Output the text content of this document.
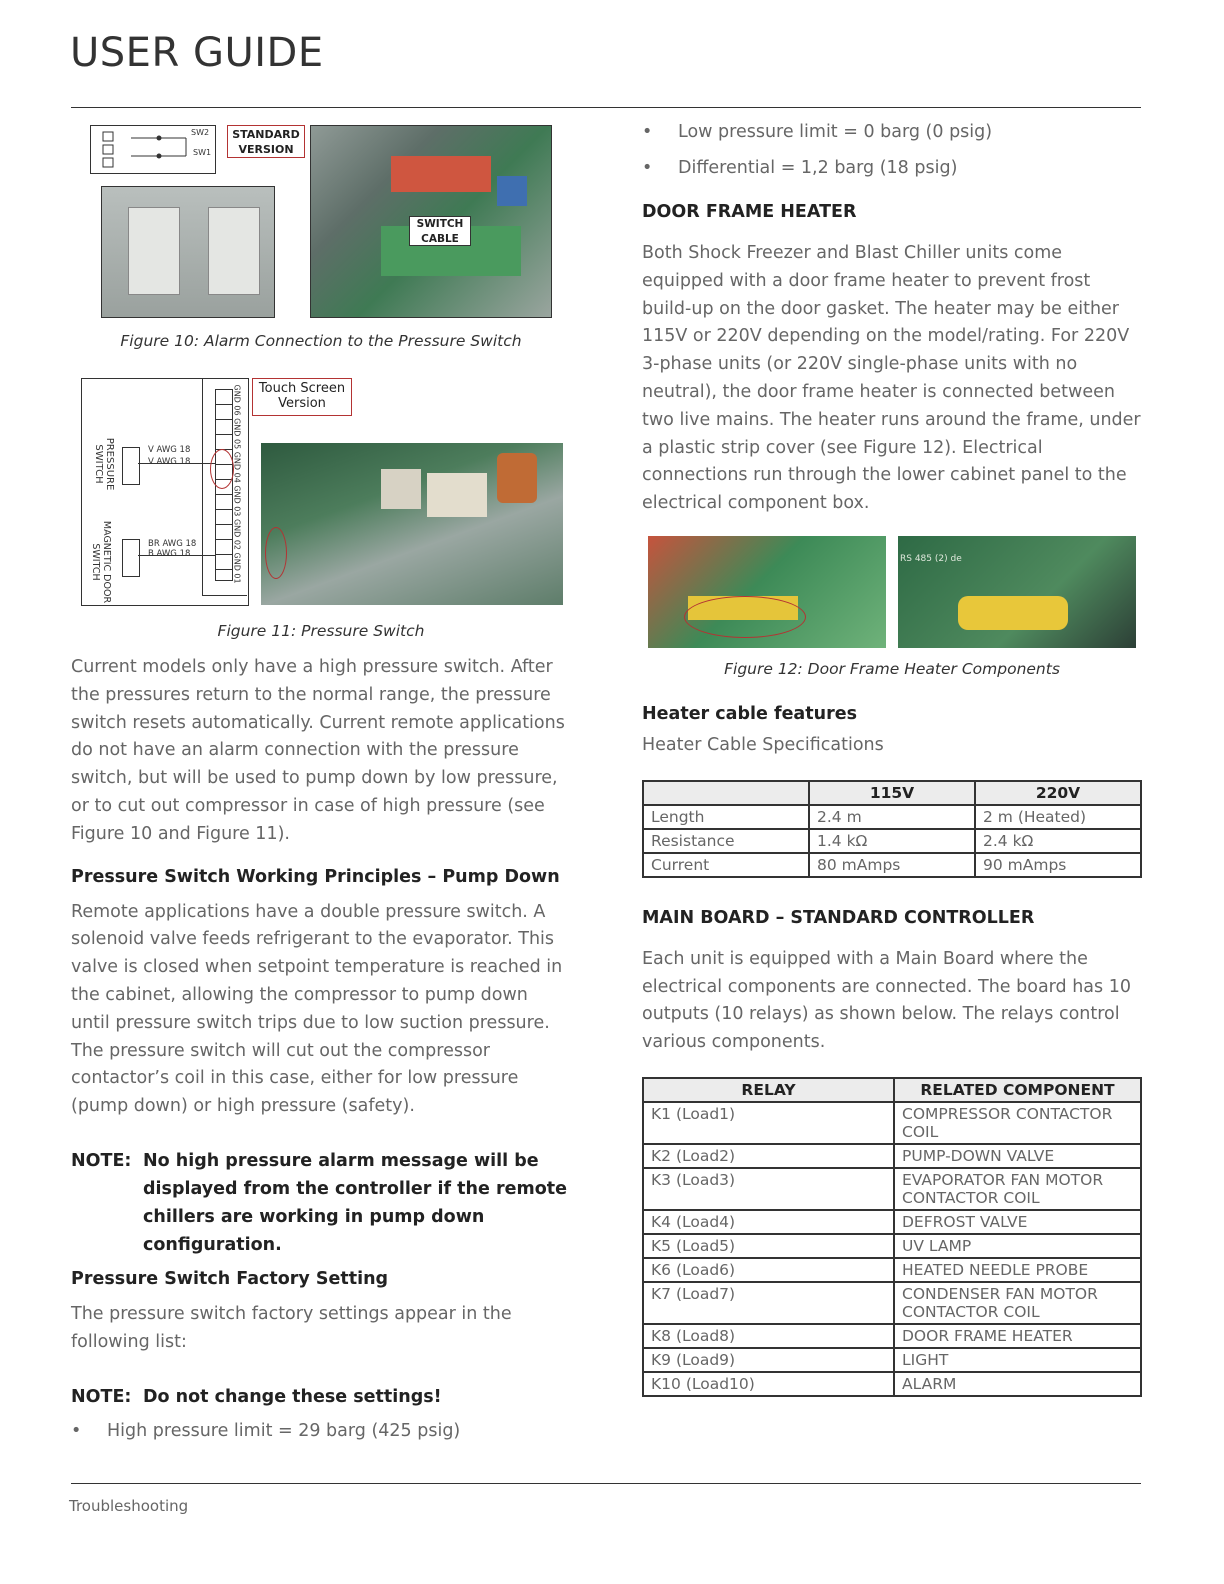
USER GUIDE
SW2
SW1
STANDARD VERSION
SWITCH CABLE
Figure 10: Alarm Connection to the Pressure Switch
GND 06 GND 05 GND 04 GND 03 GND 02 GND 01
PRESSURE SWITCH
MAGNETIC DOOR SWITCH
V AWG 18
V AWG 18
BR AWG 18
B AWG 18
Touch Screen Version
Figure 11: Pressure Switch

Current models only have a high pressure switch. After the pressures return to the normal range, the pressure switch resets automatically. Current remote applications do not have an alarm connection with the pressure switch, but will be used to pump down by low pressure, or to cut out compressor in case of high pressure (see Figure 10 and Figure 11).

Pressure Switch Working Principles – Pump Down

Remote applications have a double pressure switch. A solenoid valve feeds refrigerant to the evaporator. This valve is closed when setpoint temperature is reached in the cabinet, allowing the compressor to pump down until pressure switch trips due to low suction pressure. The pressure switch will cut out the compressor contactor’s coil in this case, either for low pressure (pump down) or high pressure (safety).

NOTE: No high pressure alarm message will be displayed from the controller if the remote chillers are working in pump down configuration.
Pressure Switch Factory Setting

The pressure switch factory settings appear in the following list:

NOTE: Do not change these settings!
• High pressure limit = 29 barg (425 psig)
• Low pressure limit = 0 barg (0 psig)
• Differential = 1,2 barg (18 psig)
DOOR FRAME HEATER

Both Shock Freezer and Blast Chiller units come equipped with a door frame heater to prevent frost build-up on the door gasket. The heater may be either 115V or 220V depending on the model/rating. For 220V 3-phase units (or 220V single-phase units with no neutral), the door frame heater is connected between two live mains. The heater runs around the frame, under a plastic strip cover (see Figure 12). Electrical connections run through the lower cabinet panel to the electrical component box.

RS 485 (2) de
Figure 12: Door Frame Heater Components
Heater cable features

Heater Cable Specifications

	115V	220V
Length	2.4 m	2 m (Heated)
Resistance	1.4 kΩ	2.4 kΩ
Current	80 mAmps	90 mAmps
MAIN BOARD – STANDARD CONTROLLER

Each unit is equipped with a Main Board where the electrical components are connected. The board has 10 outputs (10 relays) as shown below. The relays control various components.

RELAY	RELATED COMPONENT
K1 (Load1)	COMPRESSOR CONTACTOR COIL
K2 (Load2)	PUMP-DOWN VALVE
K3 (Load3)	EVAPORATOR FAN MOTOR CONTACTOR COIL
K4 (Load4)	DEFROST VALVE
K5 (Load5)	UV LAMP
K6 (Load6)	HEATED NEEDLE PROBE
K7 (Load7)	CONDENSER FAN MOTOR CONTACTOR COIL
K8 (Load8)	DOOR FRAME HEATER
K9 (Load9)	LIGHT
K10 (Load10)	ALARM
Troubleshooting
